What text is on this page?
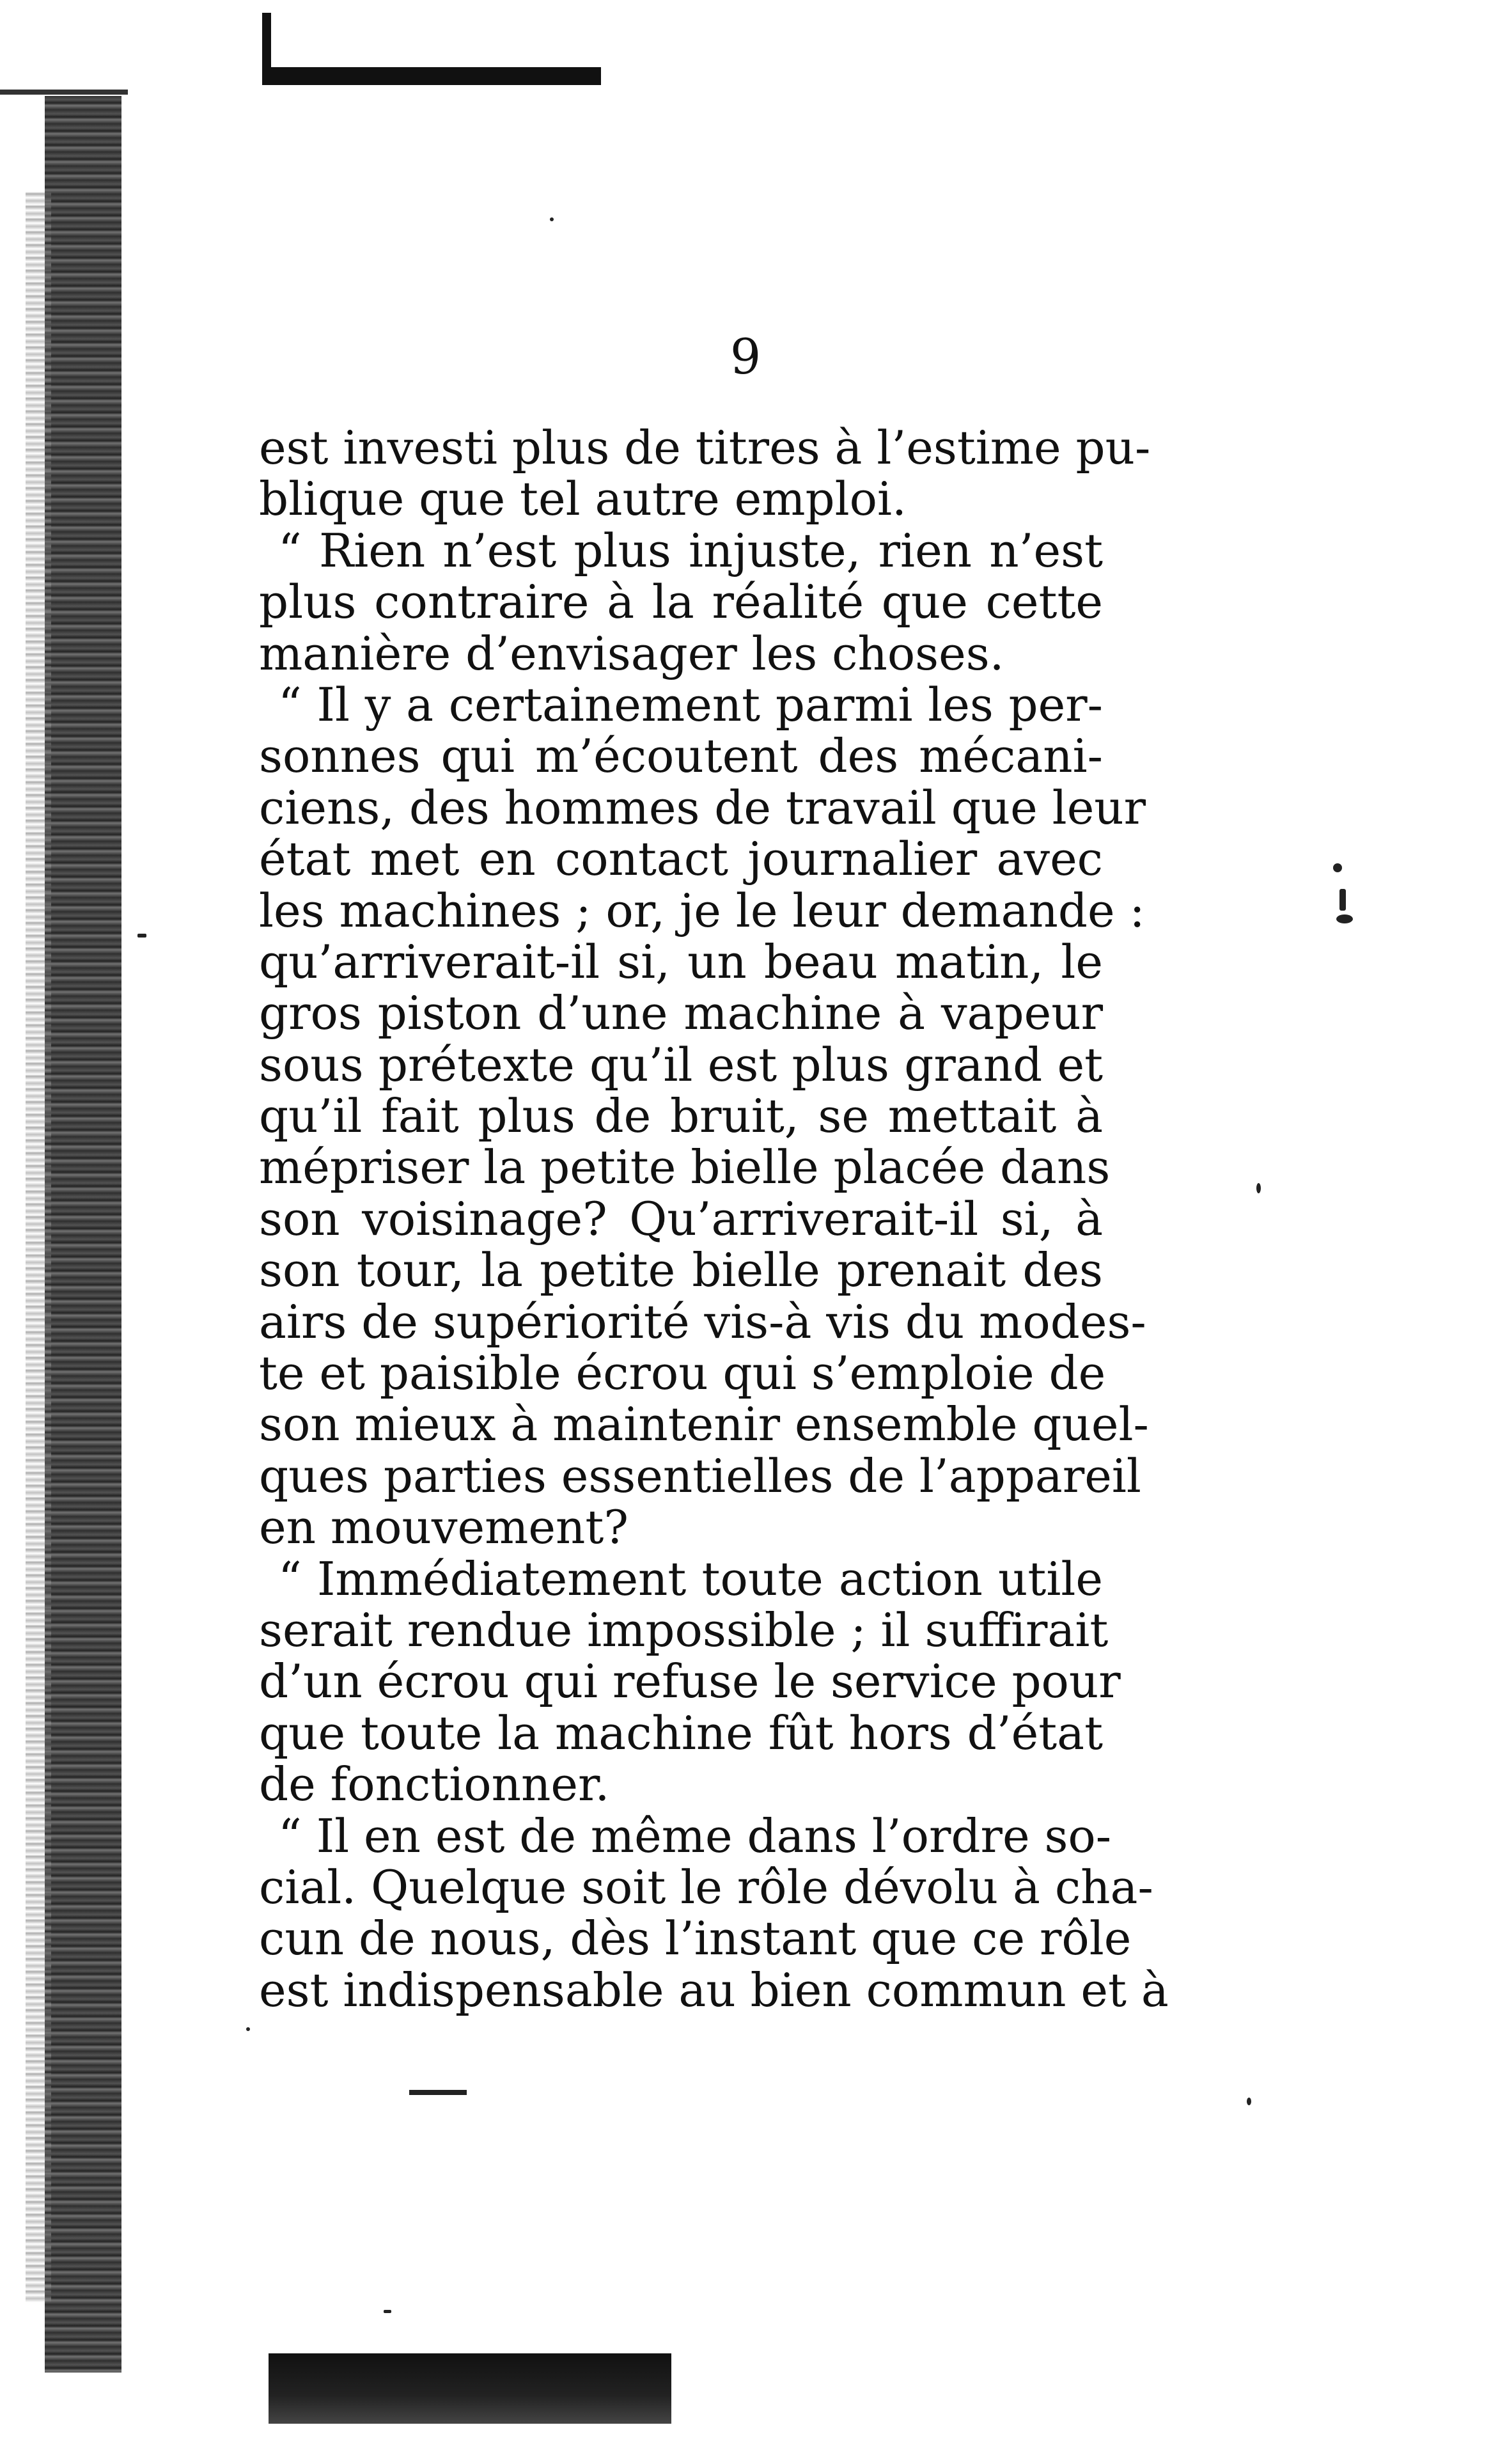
9
est investi plus de titres à l’estime pu-
blique que tel autre emploi.
“ Rien n’est plus injuste, rien n’est
plus contraire à la réalité que cette
manière d’envisager les choses.
“ Il y a certainement parmi les per-
sonnes qui m’écoutent des mécani-
ciens, des hommes de travail que leur
état met en contact journalier avec
les machines ; or, je le leur demande :
qu’arriverait-il si, un beau matin, le
gros piston d’une machine à vapeur
sous prétexte qu’il est plus grand et
qu’il fait plus de bruit, se mettait à
mépriser la petite bielle placée dans
son voisinage? Qu’arriverait-il si, à
son tour, la petite bielle prenait des
airs de supériorité vis-à vis du modes-
te et paisible écrou qui s’emploie de
son mieux à maintenir ensemble quel-
ques parties essentielles de l’appareil
en mouvement?
“ Immédiatement toute action utile
serait rendue impossible ; il suffirait
d’un écrou qui refuse le service pour
que toute la machine fût hors d’état
de fonctionner.
“ Il en est de même dans l’ordre so-
cial. Quelque soit le rôle dévolu à cha-
cun de nous, dès l’instant que ce rôle
est indispensable au bien commun et à
